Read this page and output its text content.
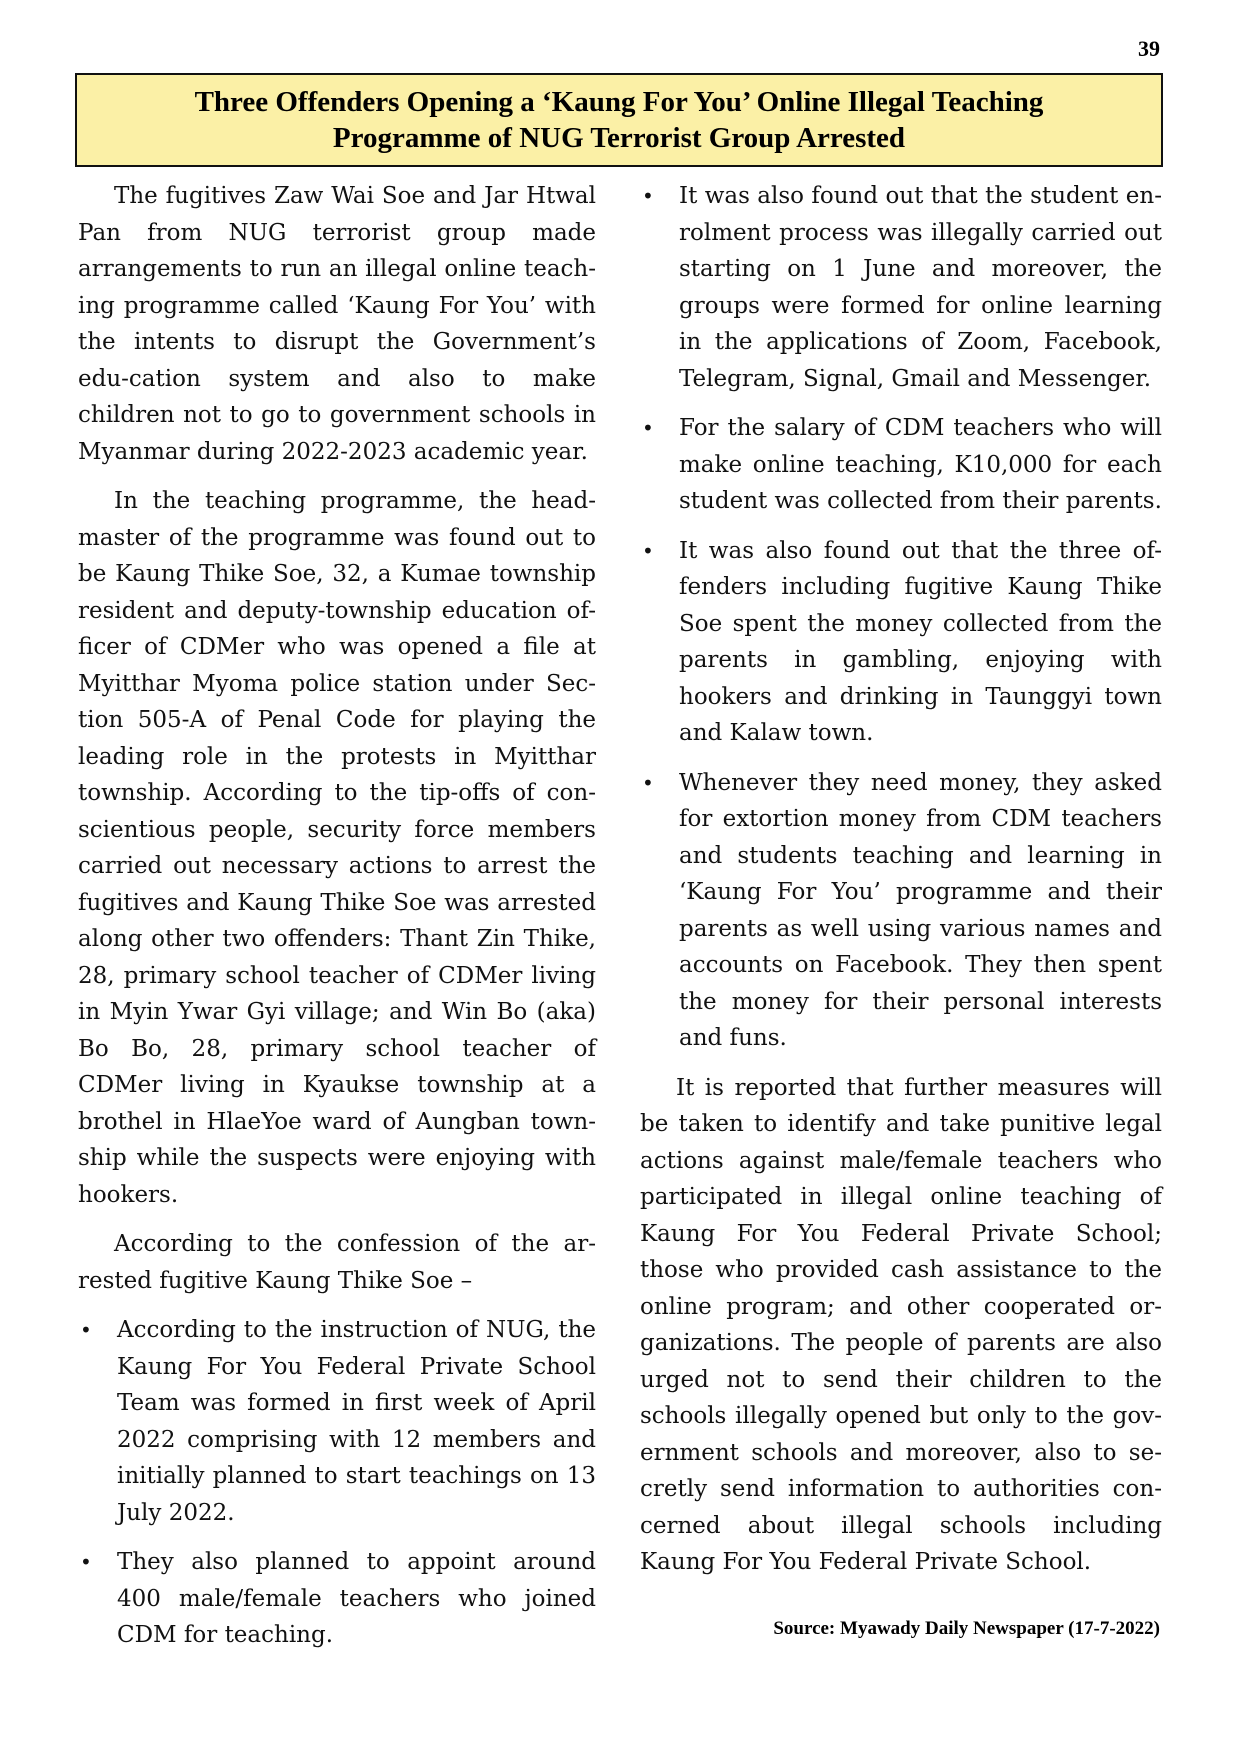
39
Three Offenders Opening a ‘Kaung For You’ Online Illegal Teaching
Programme of NUG Terrorist Group Arrested

The fugitives Zaw Wai Soe and Jar Htwal Pan from NUG terrorist group made arrangements to run an illegal online teach-ing programme called ‘Kaung For You’ with the intents to disrupt the Government’s edu-cation system and also to make children not to go to government schools in Myanmar during 2022-2023 academic year.

In the teaching programme, the head-master of the programme was found out to be Kaung Thike Soe, 32, a Kumae township resident and deputy-township education of-ficer of CDMer who was opened a file at Myitthar Myoma police station under Sec-tion 505-A of Penal Code for playing the leading role in the protests in Myitthar township. According to the tip-offs of con-scientious people, security force members carried out necessary actions to arrest the fugitives and Kaung Thike Soe was arrested along other two offenders: Thant Zin Thike, 28, primary school teacher of CDMer living in Myin Ywar Gyi village; and Win Bo (aka) Bo Bo, 28, primary school teacher of CDMer living in Kyaukse township at a brothel in HlaeYoe ward of Aungban town-ship while the suspects were enjoying with hookers.

According to the confession of the ar-rested fugitive Kaung Thike Soe –

• According to the instruction of NUG, the Kaung For You Federal Private School Team was formed in first week of April 2022 comprising with 12 members and initially planned to start teachings on 13 July 2022.
• They also planned to appoint around 400 male/female teachers who joined CDM for teaching.
• It was also found out that the student en-rolment process was illegally carried out starting on 1 June and moreover, the groups were formed for online learning in the applications of Zoom, Facebook, Telegram, Signal, Gmail and Messenger.
• For the salary of CDM teachers who will make online teaching, K10,000 for each student was collected from their parents.
• It was also found out that the three of-fenders including fugitive Kaung Thike Soe spent the money collected from the parents in gambling, enjoying with hookers and drinking in Taunggyi town and Kalaw town.
• Whenever they need money, they asked for extortion money from CDM teachers and students teaching and learning in ‘Kaung For You’ programme and their parents as well using various names and accounts on Facebook. They then spent the money for their personal interests and funs.

It is reported that further measures will be taken to identify and take punitive legal actions against male/female teachers who participated in illegal online teaching of Kaung For You Federal Private School; those who provided cash assistance to the online program; and other cooperated or-ganizations. The people of parents are also urged not to send their children to the schools illegally opened but only to the gov-ernment schools and moreover, also to se-cretly send information to authorities con-cerned about illegal schools including Kaung For You Federal Private School.

Source: Myawady Daily Newspaper (17-7-2022)
